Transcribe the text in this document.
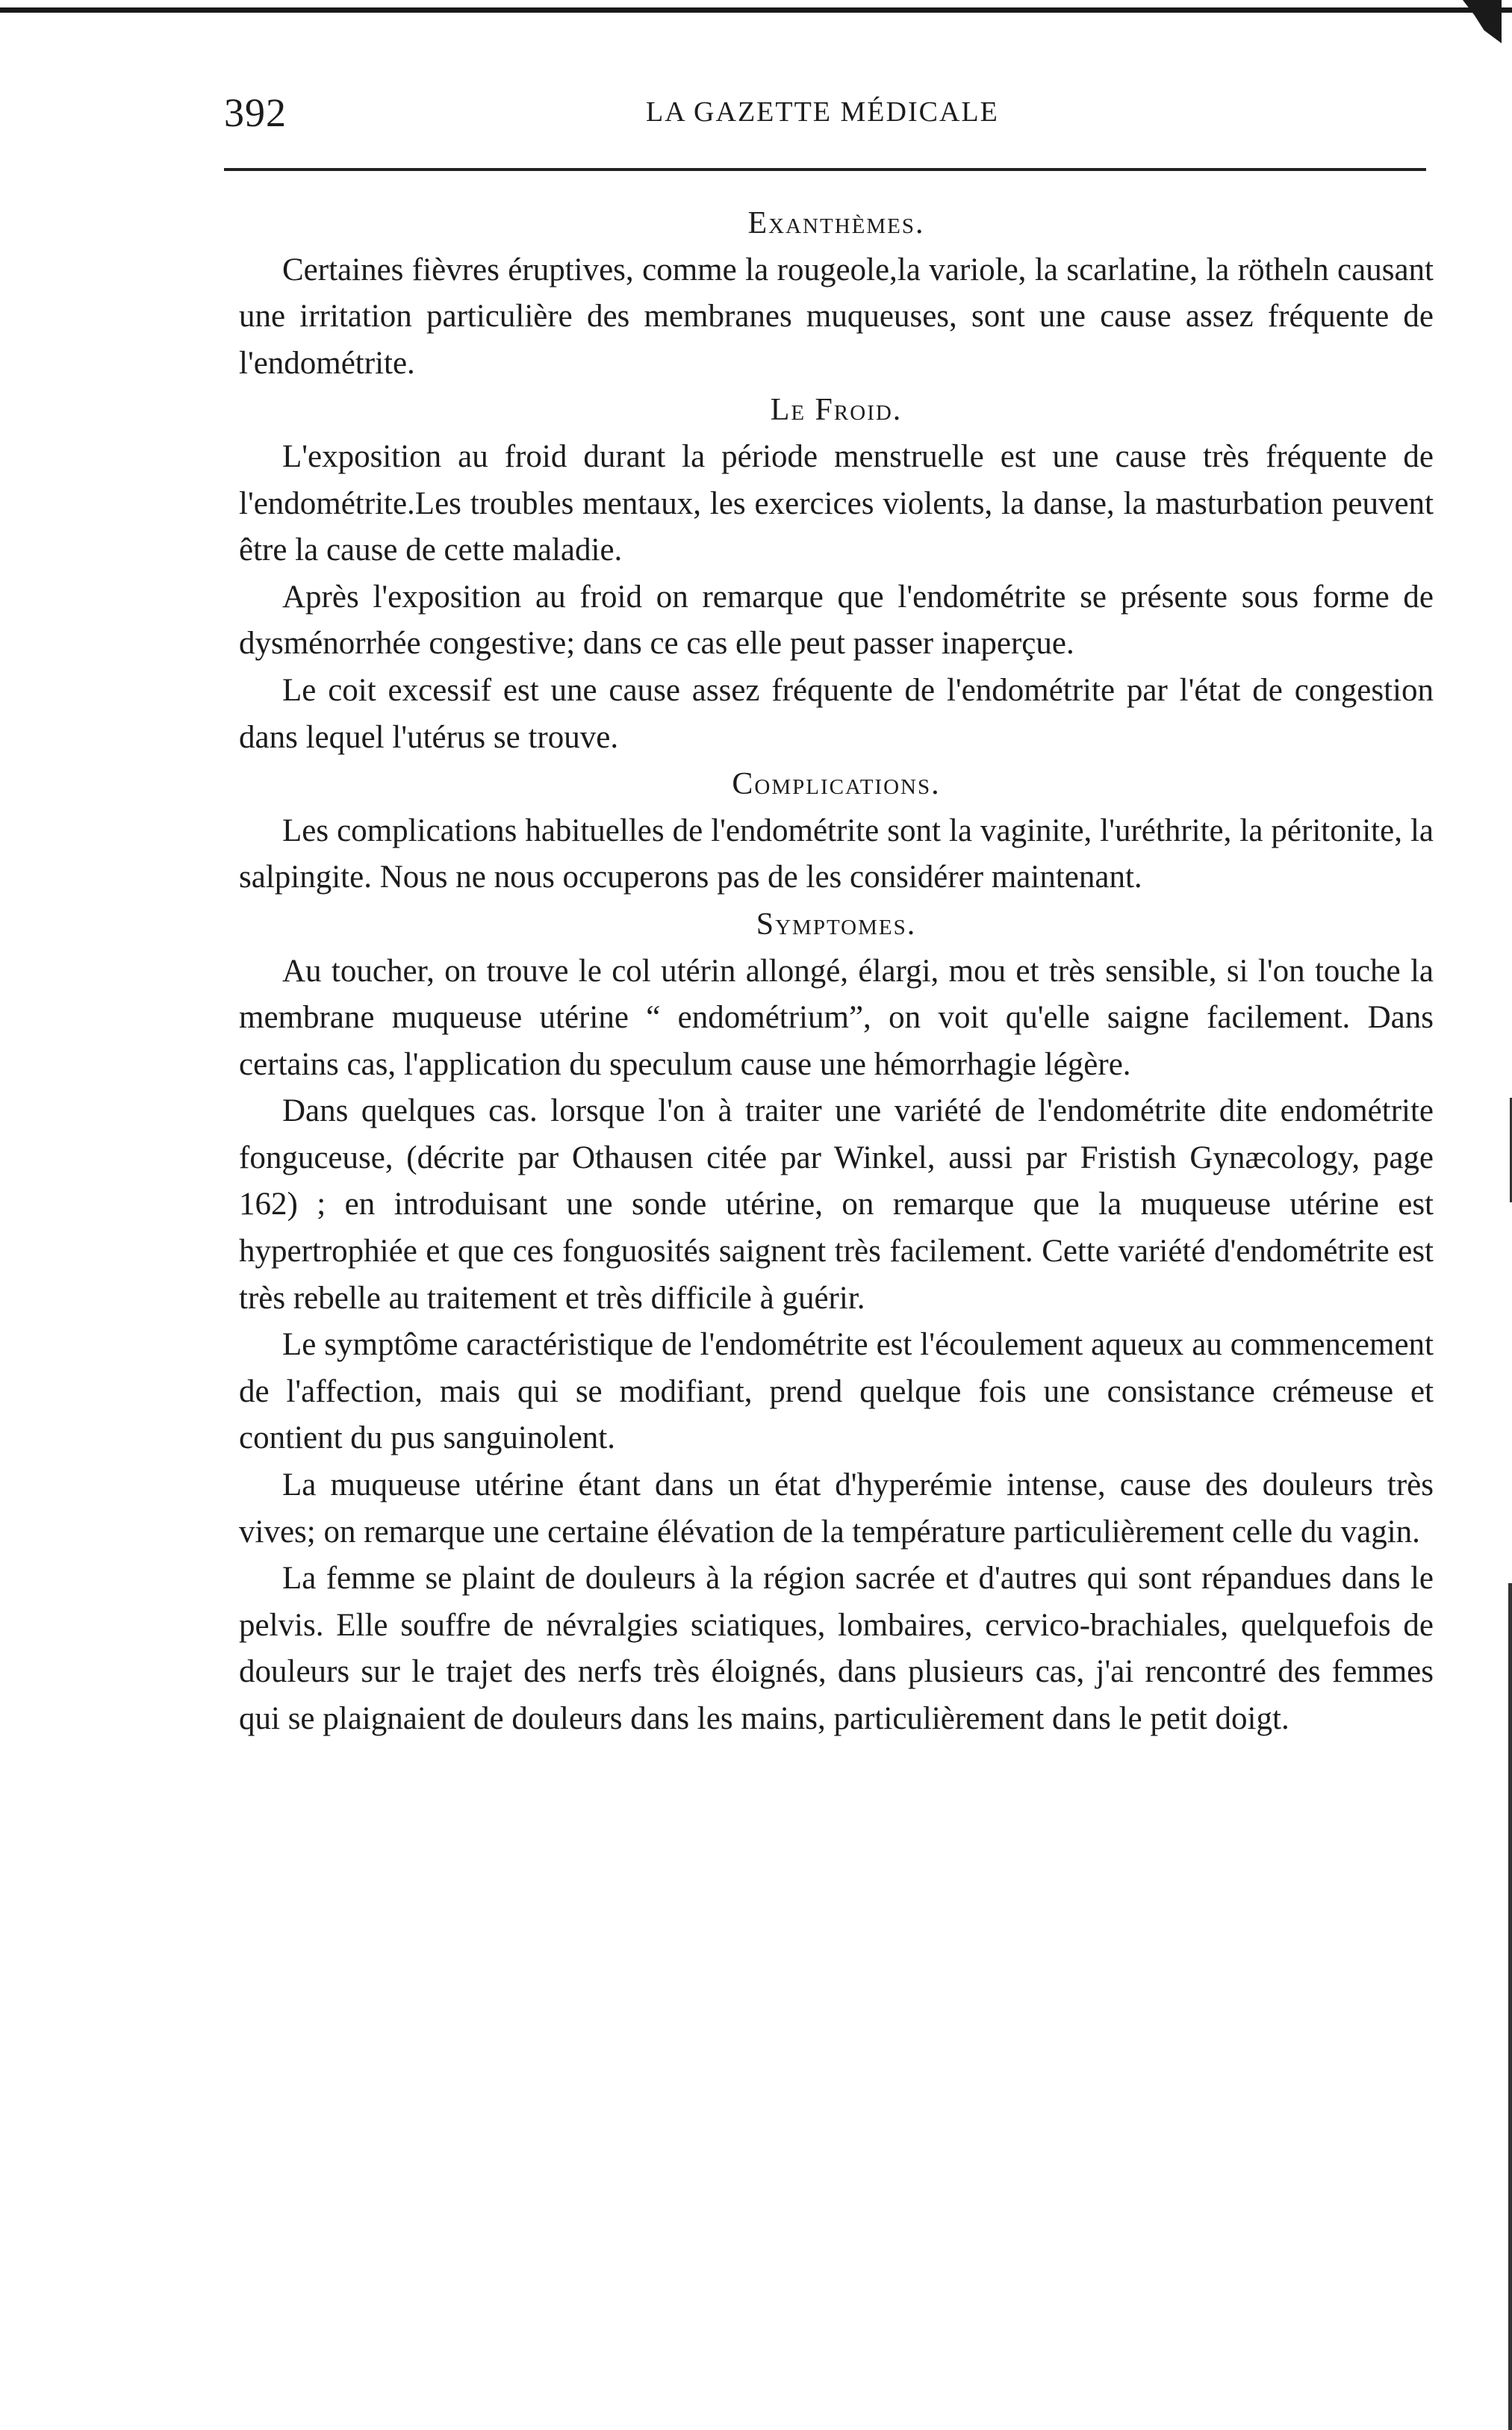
392	LA GAZETTE MÉDICALE
Exanthèmes.

Certaines fièvres éruptives, comme la rougeole,la variole, la scarlatine, la rötheln causant une irritation particulière des membranes muqueuses, sont une cause assez fréquente de l'endométrite.

Le Froid.

L'exposition au froid durant la période menstruelle est une cause très fréquente de l'endométrite.Les troubles mentaux, les exercices violents, la danse, la masturbation peuvent être la cause de cette maladie.

Après l'exposition au froid on remarque que l'endométrite se présente sous forme de dysménorrhée congestive; dans ce cas elle peut passer inaperçue.

Le coit excessif est une cause assez fréquente de l'endométrite par l'état de congestion dans lequel l'utérus se trouve.

Complications.

Les complications habituelles de l'endométrite sont la vaginite, l'uréthrite, la péritonite, la salpingite. Nous ne nous occuperons pas de les considérer maintenant.

Symptomes.

Au toucher, on trouve le col utérin allongé, élargi, mou et très sensible, si l'on touche la membrane muqueuse utérine “ endométrium”, on voit qu'elle saigne facilement. Dans certains cas, l'application du speculum cause une hémorrhagie légère.

Dans quelques cas. lorsque l'on à traiter une variété de l'endométrite dite endométrite fonguceuse, (décrite par Othausen citée par Winkel, aussi par Fristish Gynæcology, page 162) ; en introduisant une sonde utérine, on remarque que la muqueuse utérine est hypertrophiée et que ces fonguosités saignent très facilement. Cette variété d'endométrite est très rebelle au traitement et très difficile à guérir.

Le symptôme caractéristique de l'endométrite est l'écoulement aqueux au commencement de l'affection, mais qui se modifiant, prend quelque fois une consistance crémeuse et contient du pus sanguinolent.

La muqueuse utérine étant dans un état d'hyperémie intense, cause des douleurs très vives; on remarque une certaine élévation de la température particulièrement celle du vagin.

La femme se plaint de douleurs à la région sacrée et d'autres qui sont répandues dans le pelvis. Elle souffre de névralgies sciatiques, lombaires, cervico-brachiales, quelquefois de douleurs sur le trajet des nerfs très éloignés, dans plusieurs cas, j'ai rencontré des femmes qui se plaignaient de douleurs dans les mains, particulièrement dans le petit doigt.
